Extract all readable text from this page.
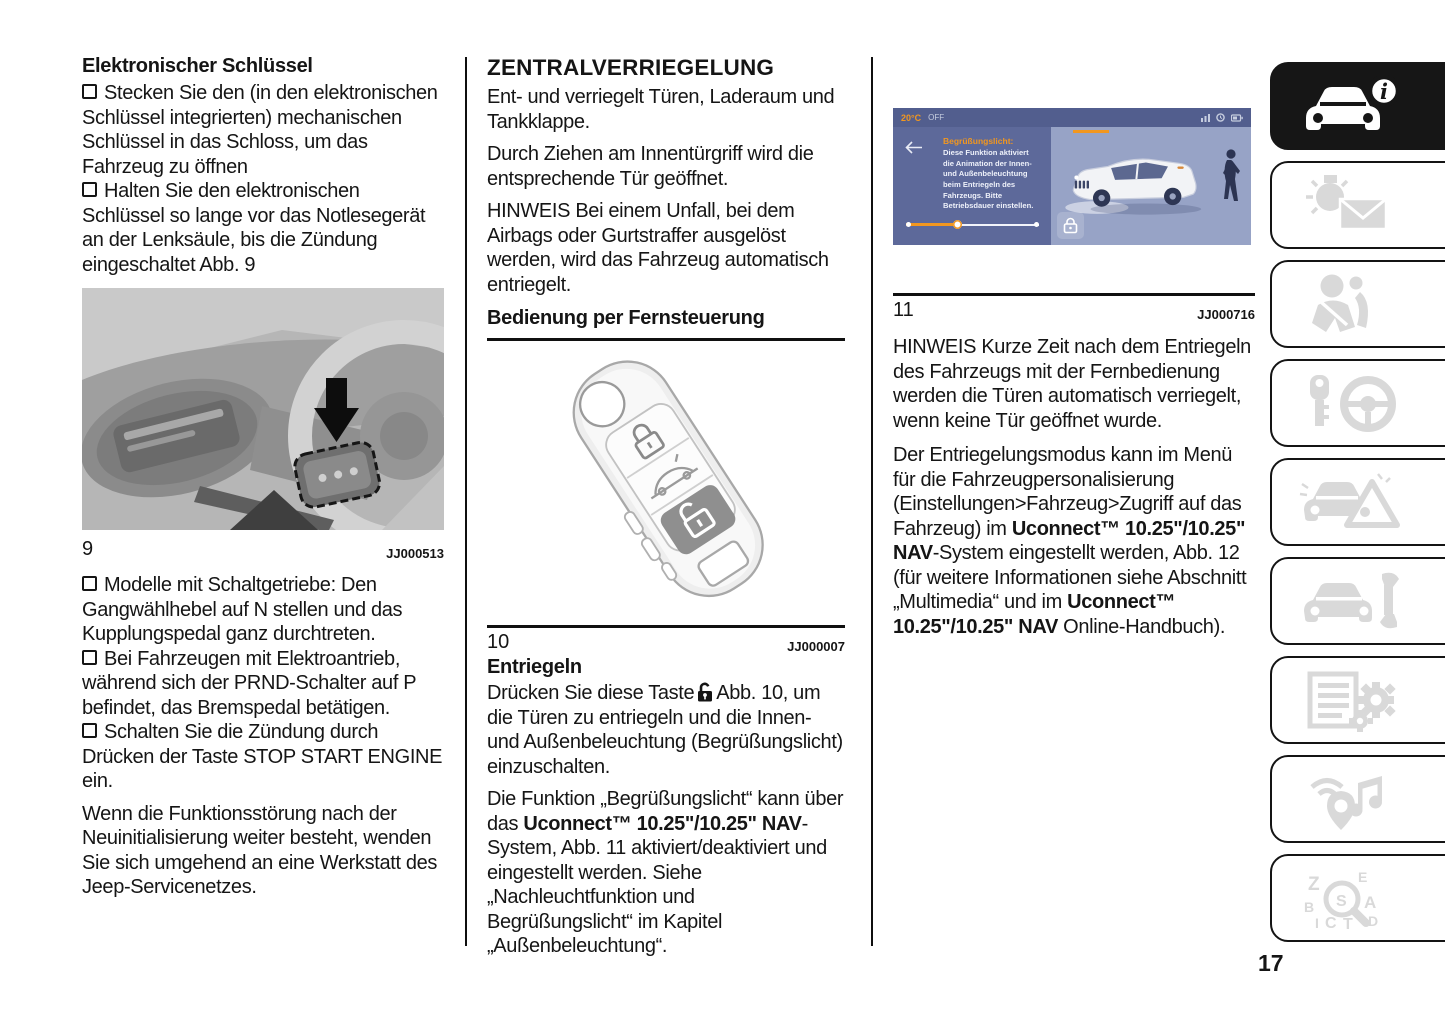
Elektronischer Schlüssel

Stecken Sie den (in den elektronischen Schlüssel integrierten) mechanischen Schlüssel in das Schloss, um das Fahrzeug zu öffnen

Halten Sie den elektronischen Schlüssel so lange vor das Notlesegerät an der Lenksäule, bis die Zündung eingeschaltet Abb. 9

9	JJ000513

Modelle mit Schaltgetriebe: Den Gangwählhebel auf N stellen und das Kupplungspedal ganz durchtreten.

Bei Fahrzeugen mit Elektroantrieb, während sich der PRND-Schalter auf P befindet, das Bremspedal betätigen.

Schalten Sie die Zündung durch Drücken der Taste STOP START ENGINE ein.

Wenn die Funktionsstörung nach der Neuinitialisierung weiter besteht, wenden Sie sich umgehend an eine Werkstatt des Jeep-Servicenetzes.

ZENTRALVERRIEGELUNG

Ent- und verriegelt Türen, Laderaum und Tankklappe.

Durch Ziehen am Innentürgriff wird die entsprechende Tür geöffnet.

HINWEIS Bei einem Unfall, bei dem Airbags oder Gurtstraffer ausgelöst werden, wird das Fahrzeug automatisch entriegelt.

Bedienung per Fernsteuerung
10	JJ000007
Entriegeln

Drücken Sie diese Taste Abb. 10, um die Türen zu entriegeln und die Innen- und Außenbeleuchtung (Begrüßungslicht) einzuschalten.

Die Funktion „Begrüßungslicht“ kann über das Uconnect™ 10.25"/10.25" NAV-System, Abb. 11 aktiviert/deaktiviert und eingestellt werden. Siehe „Nachleuchtfunktion und Begrüßungslicht“ im Kapitel „Außenbeleuchtung“.

20°C OFF
Begrüßungslicht:
Diese Funktion aktiviert die Animation der Innen- und Außenbeleuchtung beim Entriegeln des Fahrzeugs. Bitte Betriebsdauer einstellen.
11	JJ000716

HINWEIS Kurze Zeit nach dem Entriegeln des Fahrzeugs mit der Fernbedienung werden die Türen automatisch verriegelt, wenn keine Tür geöffnet wurde.

Der Entriegelungsmodus kann im Menü für die Fahrzeugpersonalisierung (Einstellungen>Fahrzeug>Zugriff auf das Fahrzeug) im Uconnect™ 10.25"/10.25" NAV-System eingestellt werden, Abb. 12 (für weitere Informationen siehe Abschnitt „Multimedia“ und im Uconnect™ 10.25"/10.25" NAV Online-Handbuch).

i
Z	E
B	A
I C T D
S
17
